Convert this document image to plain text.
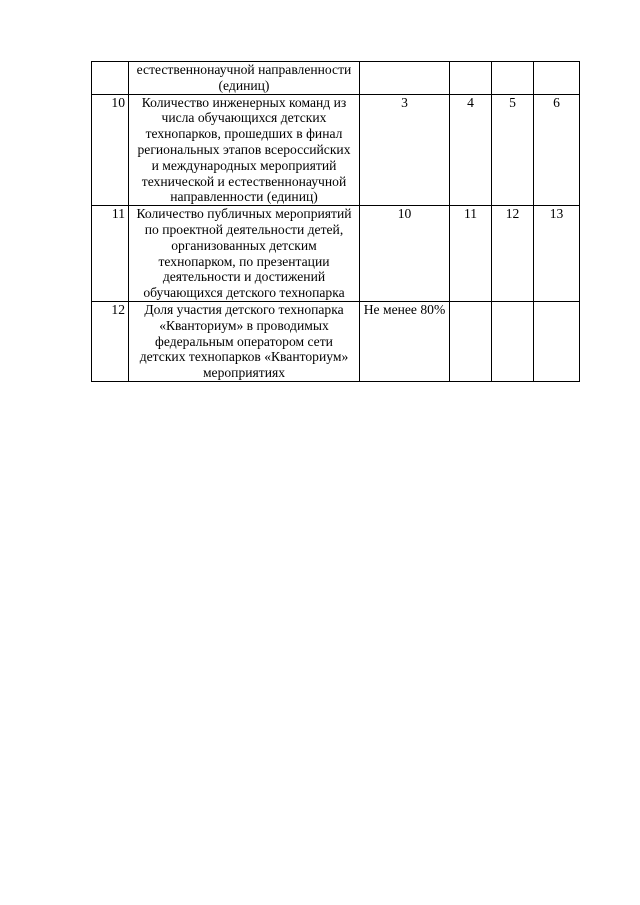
	естественнонаучной направленности (единиц)				
10	Количество инженерных команд из числа обучающихся детских технопарков, прошедших в финал региональных этапов всероссийских и международных мероприятий технической и естественнонаучной направленности (единиц)	3	4	5	6
11	Количество публичных мероприятий по проектной деятельности детей, организованных детским технопарком, по презентации деятельности и достижений обучающихся детского технопарка	10	11	12	13
12	Доля участия детского технопарка «Кванториум» в проводимых федеральным оператором сети детских технопарков «Кванториум» мероприятиях	Не менее 80%			
